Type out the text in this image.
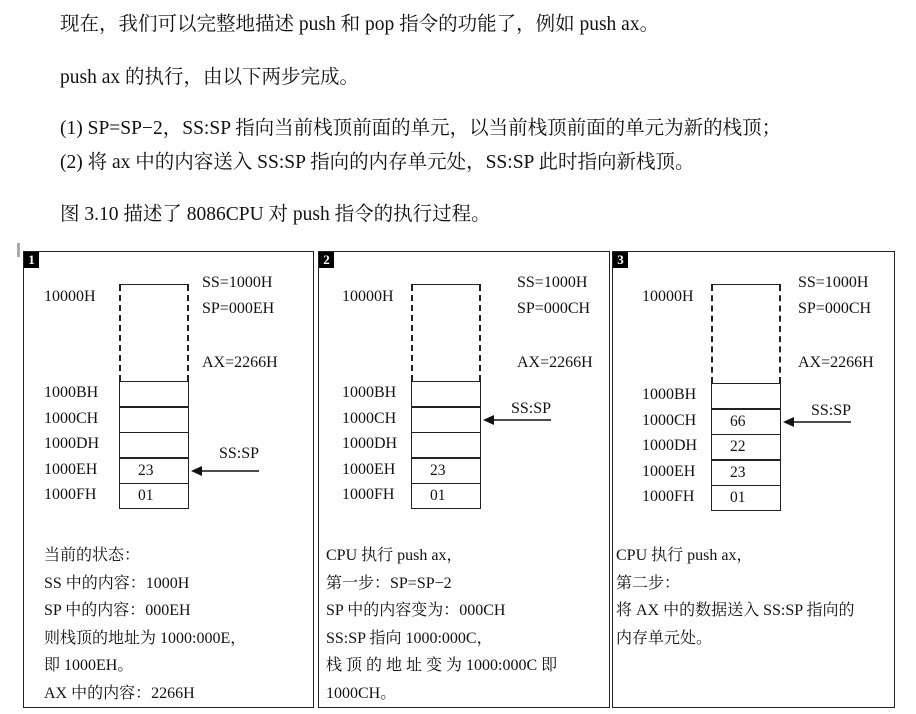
现在，我们可以完整地描述 push 和 pop 指令的功能了，例如 push ax。
push ax 的执行，由以下两步完成。
(1) SP=SP−2，SS:SP 指向当前栈顶前面的单元，以当前栈顶前面的单元为新的栈顶；
(2) 将 ax 中的内容送入 SS:SP 指向的内存单元处，SS:SP 此时指向新栈顶。
图 3.10 描述了 8086CPU 对 push 指令的执行过程。
1
10000H
SS=1000H
SP=000EH
AX=2266H
1000BH
1000CH
1000DH
1000EH	23
1000FH	01
SS:SP
当前的状态：
SS 中的内容：1000H
SP 中的内容：000EH
则栈顶的地址为 1000:000E，
即 1000EH。
AX 中的内容：2266H
2
10000H
SS=1000H
SP=000CH
AX=2266H
1000BH
1000CH
1000DH
1000EH	23
1000FH	01
SS:SP
CPU 执行 push ax，
第一步：SP=SP−2
SP 中的内容变为：000CH
SS:SP 指向 1000:000C，
栈 顶 的 地 址 变 为 1000:000C 即
1000CH。
3
10000H
SS=1000H
SP=000CH
AX=2266H
1000BH
1000CH	66
1000DH	22
1000EH	23
1000FH	01
SS:SP
CPU 执行 push ax，
第二步：
将 AX 中的数据送入 SS:SP 指向的
内存单元处。
